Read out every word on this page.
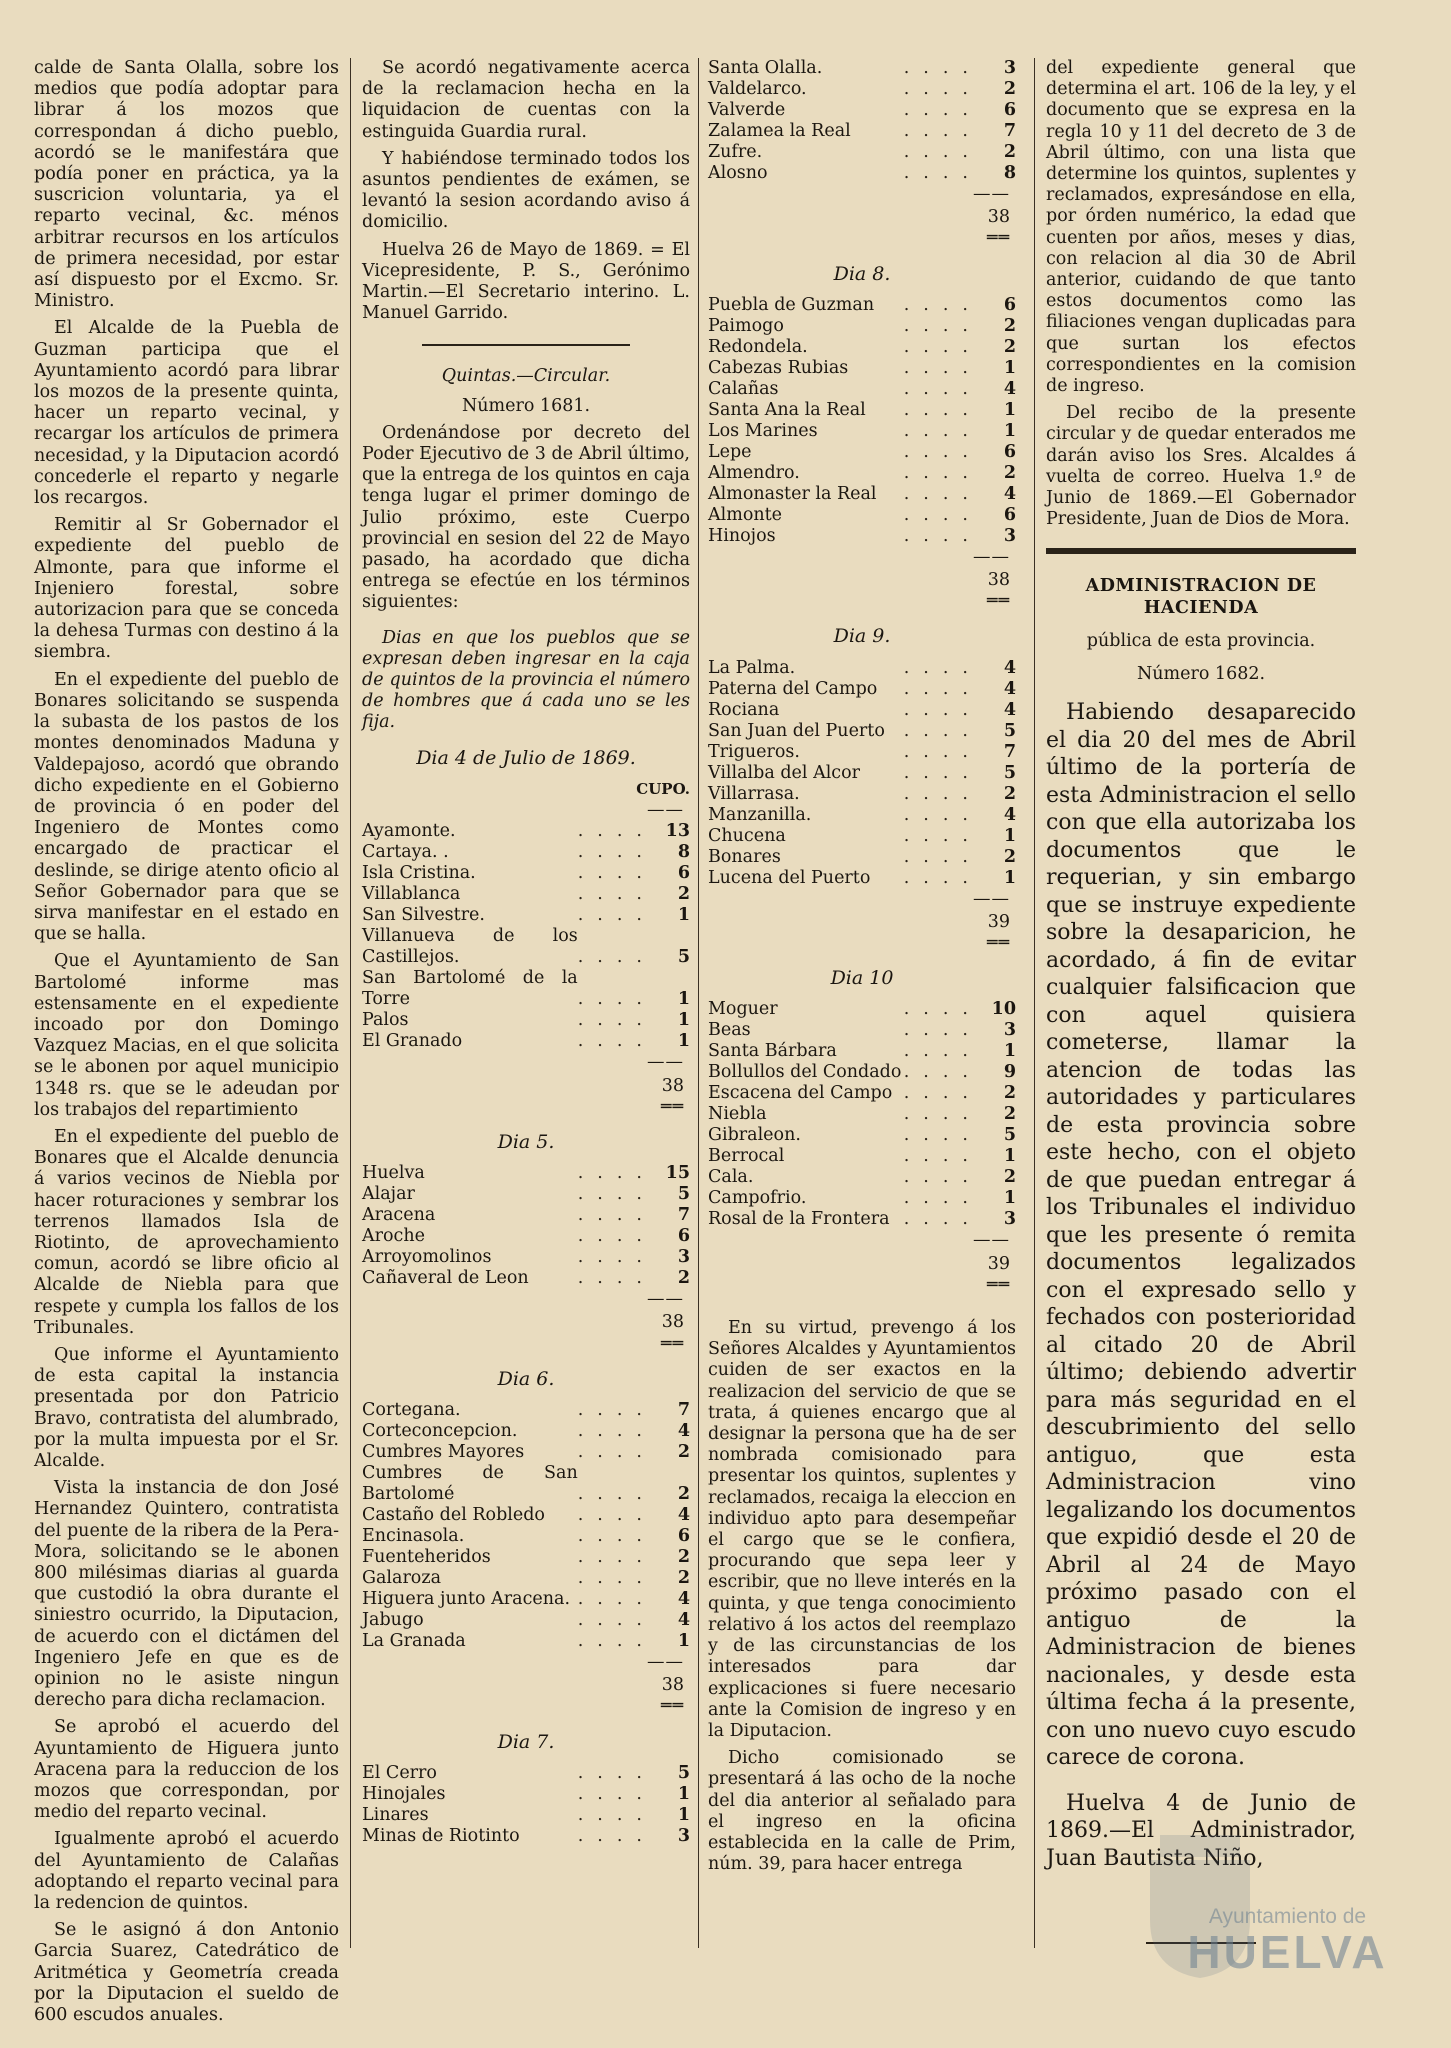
calde de Santa Olalla, sobre los medios que podía adoptar para librar á los mozos que correspondan á dicho pueblo, acordó se le manifestára que podía poner en práctica, ya la suscricion voluntaria, ya el reparto vecinal, &c. ménos arbitrar recursos en los artículos de primera necesidad, por estar así dispuesto por el Excmo. Sr. Ministro.

El Alcalde de la Puebla de Guzman participa que el Ayuntamiento acordó para librar los mozos de la presente quinta, hacer un reparto vecinal, y recargar los artículos de primera necesidad, y la Diputacion acordó concederle el reparto y negarle los recargos.

Remitir al Sr Gobernador el expediente del pueblo de Almonte, para que informe el Injeniero forestal, sobre autorizacion para que se conceda la dehesa Turmas con destino á la siembra.

En el expediente del pueblo de Bonares solicitando se suspenda la subasta de los pastos de los montes denominados Maduna y Valdepajoso, acordó que obrando dicho expediente en el Gobierno de provincia ó en poder del Ingeniero de Montes como encargado de practicar el deslinde, se dirige atento oficio al Señor Gobernador para que se sirva manifestar en el estado en que se halla.

Que el Ayuntamiento de San Bartolomé informe mas estensamente en el expediente incoado por don Domingo Vazquez Macias, en el que solicita se le abonen por aquel municipio 1348 rs. que se le adeudan por los trabajos del repartimiento

En el expediente del pueblo de Bonares que el Alcalde denuncia á varios vecinos de Niebla por hacer roturaciones y sembrar los terrenos llamados Isla de Riotinto, de aprovechamiento comun, acordó se libre oficio al Alcalde de Niebla para que respete y cumpla los fallos de los Tribunales.

Que informe el Ayuntamiento de esta capital la instancia presentada por don Patricio Bravo, contratista del alumbrado, por la multa impuesta por el Sr. Alcalde.

Vista la instancia de don José Hernandez Quintero, contratista del puente de la ribera de la Pera-Mora, solicitando se le abonen 800 milésimas diarias al guarda que custodió la obra durante el siniestro ocurrido, la Diputacion, de acuerdo con el dictámen del Ingeniero Jefe en que es de opinion no le asiste ningun derecho para dicha reclamacion.

Se aprobó el acuerdo del Ayuntamiento de Higuera junto Aracena para la reduccion de los mozos que correspondan, por medio del reparto vecinal.

Igualmente aprobó el acuerdo del Ayuntamiento de Calañas adoptando el reparto vecinal para la redencion de quintos.

Se le asignó á don Antonio Garcia Suarez, Catedrático de Aritmética y Geometría creada por la Diputacion el sueldo de 600 escudos anuales.

Se acordó negativamente acerca de la reclamacion hecha en la liquidacion de cuentas con la estinguida Guardia rural.

Y habiéndose terminado todos los asuntos pendientes de exámen, se levantó la sesion acordando aviso á domicilio.

Huelva 26 de Mayo de 1869. = El Vicepresidente, P. S., Gerónimo Martin.—El Secretario interino. L. Manuel Garrido.

Quintas.—Circular.

Número 1681.

Ordenándose por decreto del Poder Ejecutivo de 3 de Abril último, que la entrega de los quintos en caja tenga lugar el primer domingo de Julio próximo, este Cuerpo provincial en sesion del 22 de Mayo pasado, ha acordado que dicha entrega se efectúe en los términos siguientes:

Dias en que los pueblos que se expresan deben ingresar en la caja de quintos de la provincia el número de hombres que á cada uno se les fija.

Dia 4 de Julio de 1869.
CUPO.
——
Ayamonte.	....	13
Cartaya. .	....	8
Isla Cristina.	....	6
Villablanca	....	2
San Silvestre.	....	1
Villanueva de los Castillejos.	....	5
San Bartolomé de la Torre	....	1
Palos	....	1
El Granado	....	1
——
38
══
Dia 5.
Huelva	....	15
Alajar	....	5
Aracena	....	7
Aroche	....	6
Arroyomolinos	....	3
Cañaveral de Leon	....	2
——
38
══
Dia 6.
Cortegana.	....	7
Corteconcepcion.	....	4
Cumbres Mayores	....	2
Cumbres de San Bartolomé	....	2
Castaño del Robledo	....	4
Encinasola.	....	6
Fuenteheridos	....	2
Galaroza	....	2
Higuera junto Aracena.	....	4
Jabugo	....	4
La Granada	....	1
——
38
══
Dia 7.
El Cerro	....	5
Hinojales	....	1
Linares	....	1
Minas de Riotinto	....	3
Santa Olalla.	....	3
Valdelarco.	....	2
Valverde	....	6
Zalamea la Real	....	7
Zufre.	....	2
Alosno	....	8
——
38
══
Dia 8.
Puebla de Guzman	....	6
Paimogo	....	2
Redondela.	....	2
Cabezas Rubias	....	1
Calañas	....	4
Santa Ana la Real	....	1
Los Marines	....	1
Lepe	....	6
Almendro.	....	2
Almonaster la Real	....	4
Almonte	....	6
Hinojos	....	3
——
38
══
Dia 9.
La Palma.	....	4
Paterna del Campo	....	4
Rociana	....	4
San Juan del Puerto	....	5
Trigueros.	....	7
Villalba del Alcor	....	5
Villarrasa.	....	2
Manzanilla.	....	4
Chucena	....	1
Bonares	....	2
Lucena del Puerto	....	1
——
39
══
Dia 10
Moguer	....	10
Beas	....	3
Santa Bárbara	....	1
Bollullos del Condado	....	9
Escacena del Campo	....	2
Niebla	....	2
Gibraleon.	....	5
Berrocal	....	1
Cala.	....	2
Campofrio.	....	1
Rosal de la Frontera	....	3
——
39
══

En su virtud, prevengo á los Señores Alcaldes y Ayuntamientos cuiden de ser exactos en la realizacion del servicio de que se trata, á quienes encargo que al designar la persona que ha de ser nombrada comisionado para presentar los quintos, suplentes y reclamados, recaiga la eleccion en individuo apto para desempeñar el cargo que se le confiera, procurando que sepa leer y escribir, que no lleve interés en la quinta, y que tenga conocimiento relativo á los actos del reemplazo y de las circunstancias de los interesados para dar explicaciones si fuere necesario ante la Comision de ingreso y en la Diputacion.

Dicho comisionado se presentará á las ocho de la noche del dia anterior al señalado para el ingreso en la oficina establecida en la calle de Prim, núm. 39, para hacer entrega

del expediente general que determina el art. 106 de la ley, y el documento que se expresa en la regla 10 y 11 del decreto de 3 de Abril último, con una lista que determine los quintos, suplentes y reclamados, expresándose en ella, por órden numérico, la edad que cuenten por años, meses y dias, con relacion al dia 30 de Abril anterior, cuidando de que tanto estos documentos como las filiaciones vengan duplicadas para que surtan los efectos correspondientes en la comision de ingreso.

Del recibo de la presente circular y de quedar enterados me darán aviso los Sres. Alcaldes á vuelta de correo. Huelva 1.º de Junio de 1869.—El Gobernador Presidente, Juan de Dios de Mora.

ADMINISTRACION DE HACIENDA

pública de esta provincia.

Número 1682.

Habiendo desaparecido el dia 20 del mes de Abril último de la portería de esta Administracion el sello con que ella autorizaba los documentos que le requerian, y sin embargo que se instruye expediente sobre la desaparicion, he acordado, á fin de evitar cualquier falsificacion que con aquel quisiera cometerse, llamar la atencion de todas las autoridades y particulares de esta provincia sobre este hecho, con el objeto de que puedan entregar á los Tribunales el individuo que les presente ó remita documentos legalizados con el expresado sello y fechados con posterioridad al citado 20 de Abril último; debiendo advertir para más seguridad en el descubrimiento del sello antiguo, que esta Administracion vino legalizando los documentos que expidió desde el 20 de Abril al 24 de Mayo próximo pasado con el antiguo de la Administracion de bienes nacionales, y desde esta última fecha á la presente, con uno nuevo cuyo escudo carece de corona.

Huelva 4 de Junio de 1869.—El Administrador, Juan Bautista Niño,

Ayuntamiento de
HUELVA
